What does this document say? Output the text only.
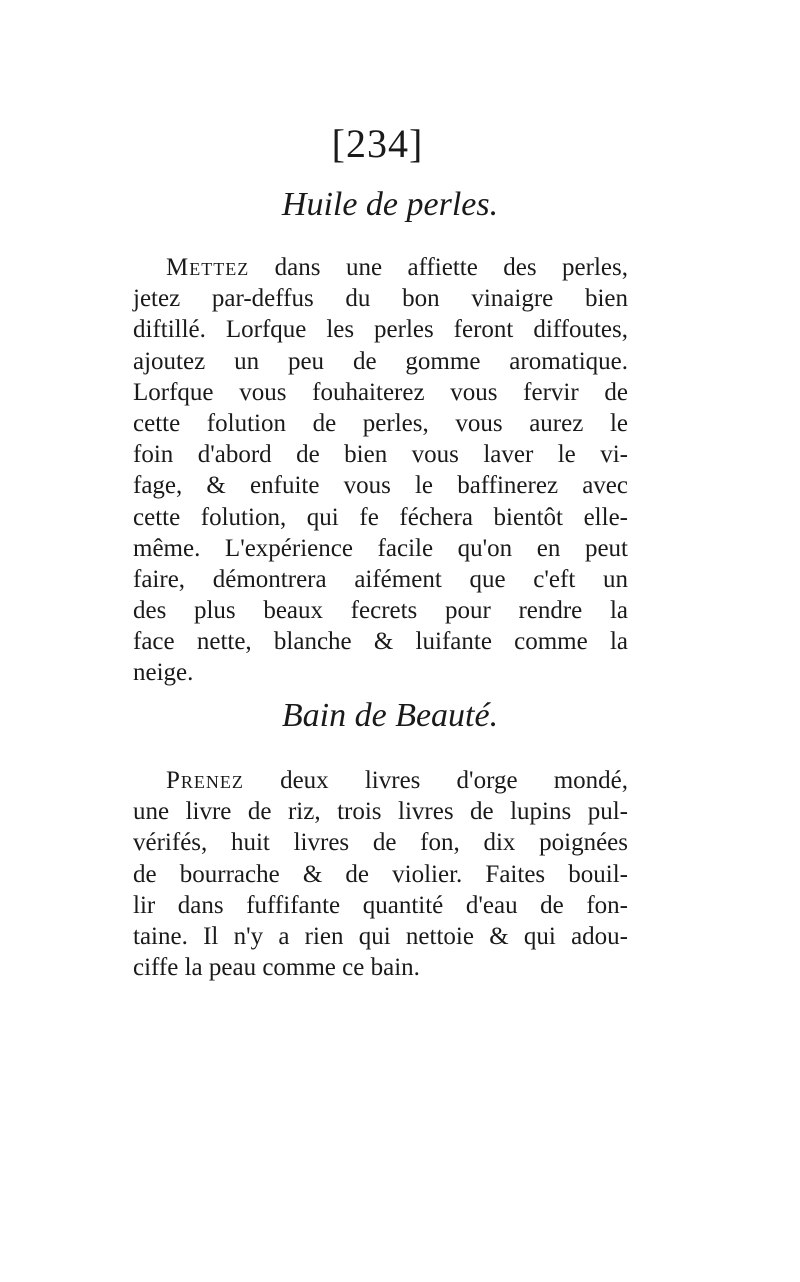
[234]
Huile de perles.
Mettez dans une affiette des perles,
jetez par-deffus du bon vinaigre bien
diftillé. Lorfque les perles feront diffoutes,
ajoutez un peu de gomme aromatique.
Lorfque vous fouhaiterez vous fervir de
cette folution de perles, vous aurez le
foin d'abord de bien vous laver le vi-
fage, & enfuite vous le baffinerez avec
cette folution, qui fe féchera bientôt elle-
même. L'expérience facile qu'on en peut
faire, démontrera aifément que c'eft un
des plus beaux fecrets pour rendre la
face nette, blanche & luifante comme la
neige.
Bain de Beauté.
Prenez deux livres d'orge mondé,
une livre de riz, trois livres de lupins pul-
vérifés, huit livres de fon, dix poignées
de bourrache & de violier. Faites bouil-
lir dans fuffifante quantité d'eau de fon-
taine. Il n'y a rien qui nettoie & qui adou-
ciffe la peau comme ce bain.
